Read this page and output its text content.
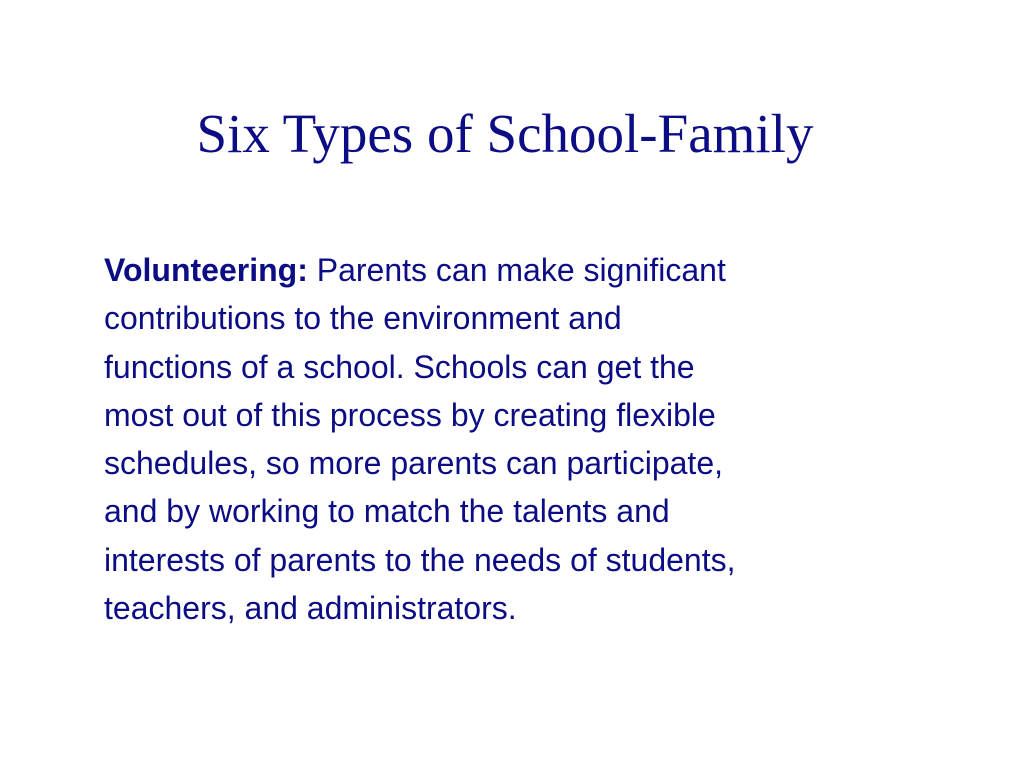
Six Types of School-Family
Volunteering: Parents can make significant
contributions to the environment and
functions of a school. Schools can get the
most out of this process by creating flexible
schedules, so more parents can participate,
and by working to match the talents and
interests of parents to the needs of students,
teachers, and administrators.
